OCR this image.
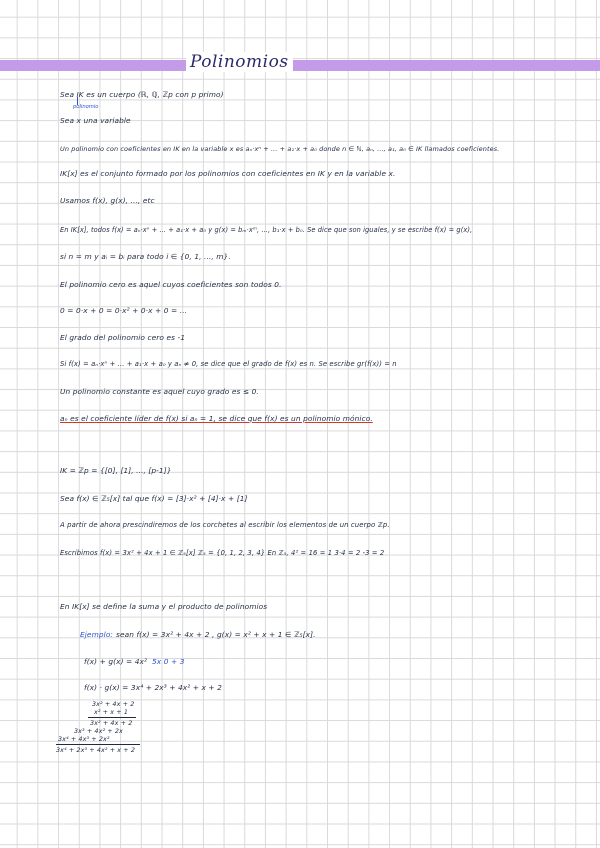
Polinomios
polinomio
Sea IK es un cuerpo (ℝ, ℚ, ℤp con p primo)
Sea x una variable
Un polinomio con coeficientes en IK en la variable x es aₙ·xⁿ + ... + a₁·x + a₀ donde n ∈ ℕ, aₙ, ..., a₁, a₀ ∈ IK llamados coeficientes.
IK[x] es el conjunto formado por los polinomios con coeficientes en IK y en la variable x.
Usamos f(x), g(x), ..., etc
En IK[x], todos f(x) = aₙ·xⁿ + ... + a₁·x + a₀ y g(x) = bₘ·xᵐ, ..., b₁·x + b₀. Se dice que son iguales, y se escribe f(x) = g(x),
si n = m y aᵢ = bᵢ para todo i ∈ {0, 1, ..., m}.
El polinomio cero es aquel cuyos coeficientes son todos 0.
0 = 0·x + 0 = 0·x² + 0·x + 0 = ...
El grado del polinomio cero es -1
Si f(x) = aₙ·xⁿ + ... + a₁·x + a₀ y aₙ ≠ 0, se dice que el grado de f(x) es n. Se escribe gr(f(x)) = n
Un polinomio constante es aquel cuyo grado es ≤ 0.
aₙ es el coeficiente líder de f(x) si aₙ = 1, se dice que f(x) es un polinomio mónico.
IK = ℤp = {[0], [1], ..., [p-1]}
Sea f(x) ∈ ℤ₅[x] tal que f(x) = [3]·x² + [4]·x + [1]
A partir de ahora prescindiremos de los corchetes al escribir los elementos de un cuerpo ℤp.
Escribimos f(x) = 3x² + 4x + 1 ∈ ℤ₅[x] ℤ₅ = {0, 1, 2, 3, 4} En ℤ₅, 4² = 16 = 1 3·4 = 2 -3 = 2
En IK[x] se define la suma y el producto de polinomios
Ejemplo: sean f(x) = 3x² + 4x + 2 , g(x) = x² + x + 1 ∈ ℤ₅[x].
f(x) + g(x) = 4x² 5x 0 + 3
f(x) · g(x) = 3x⁴ + 2x³ + 4x² + x + 2
3x² + 4x + 2
x² + x + 1
3x² + 4x + 2
3x³ + 4x² + 2x
3x⁴ + 4x³ + 2x²
3x⁴ + 2x³ + 4x² + x + 2
